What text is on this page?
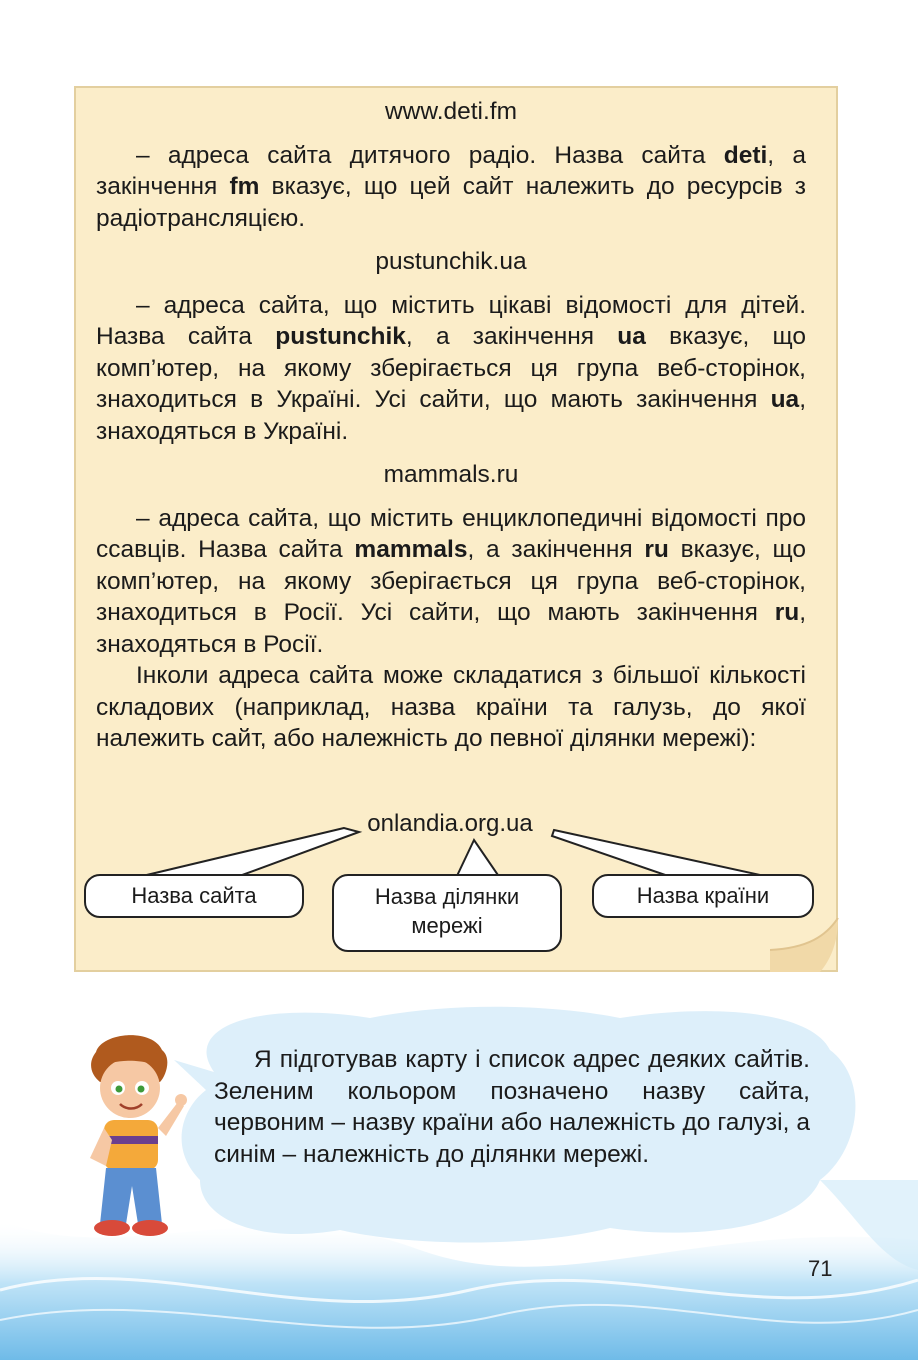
www.deti.fm
– адреса сайта дитячого радіо. Назва сайта deti, а закінчення fm вказує, що цей сайт належить до ресурсів з радіотрансляцією.
pustunchik.ua
– адреса сайта, що містить цікаві відомості для дітей. Назва сайта pustunchik, а закінчення ua вказує, що комп’ютер, на якому зберігається ця група веб-сторінок, знаходиться в Україні. Усі сайти, що мають закінчення ua, знаходяться в Україні.
mammals.ru
– адреса сайта, що містить енциклопедичні відомості про ссавців. Назва сайта mammals, а закінчення ru вказує, що комп’ютер, на якому зберігається ця група веб-сторінок, знаходиться в Росії. Усі сайти, що мають закінчення ru, знаходяться в Росії.
Інколи адреса сайта може складатися з більшої кількості складових (наприклад, назва країни та галузь, до якої належить сайт, або належність до певної ділянки мережі):
onlandia.org.ua
Назва сайта	Назва ділянки
мережі
Назва країни
Я підготував карту і список адрес деяких сайтів. Зеленим кольором позначено назву сайта, червоним – назву країни або належність до галузі, а синім – належність до ділянки мережі.
71
